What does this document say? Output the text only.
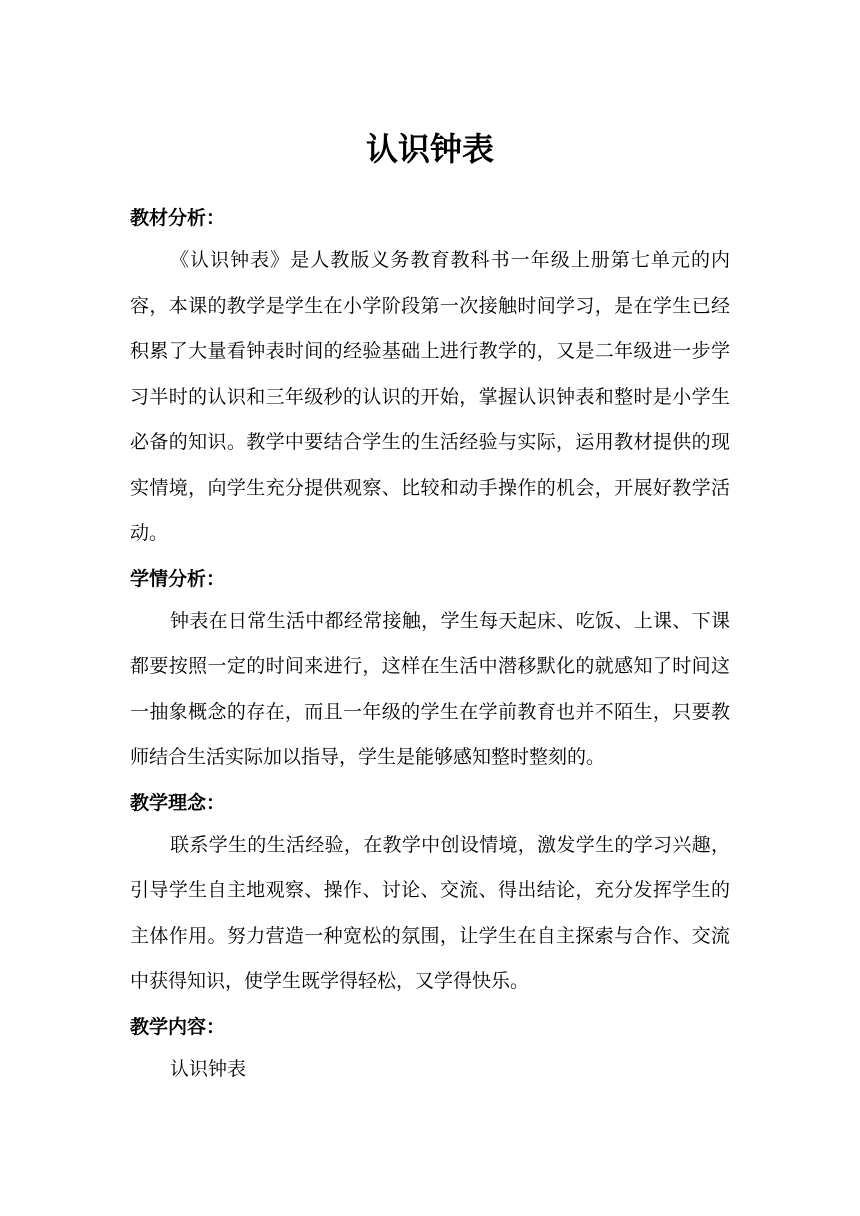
认识钟表

教材分析：

《认识钟表》是人教版义务教育教科书一年级上册第七单元的内容，本课的教学是学生在小学阶段第一次接触时间学习，是在学生已经积累了大量看钟表时间的经验基础上进行教学的，又是二年级进一步学习半时的认识和三年级秒的认识的开始，掌握认识钟表和整时是小学生必备的知识。教学中要结合学生的生活经验与实际，运用教材提供的现实情境，向学生充分提供观察、比较和动手操作的机会，开展好教学活动。

学情分析：

钟表在日常生活中都经常接触，学生每天起床、吃饭、上课、下课都要按照一定的时间来进行，这样在生活中潜移默化的就感知了时间这一抽象概念的存在，而且一年级的学生在学前教育也并不陌生，只要教师结合生活实际加以指导，学生是能够感知整时整刻的。

教学理念：

联系学生的生活经验，在教学中创设情境，激发学生的学习兴趣，引导学生自主地观察、操作、讨论、交流、得出结论，充分发挥学生的主体作用。努力营造一种宽松的氛围，让学生在自主探索与合作、交流中获得知识，使学生既学得轻松，又学得快乐。

教学内容：

认识钟表
